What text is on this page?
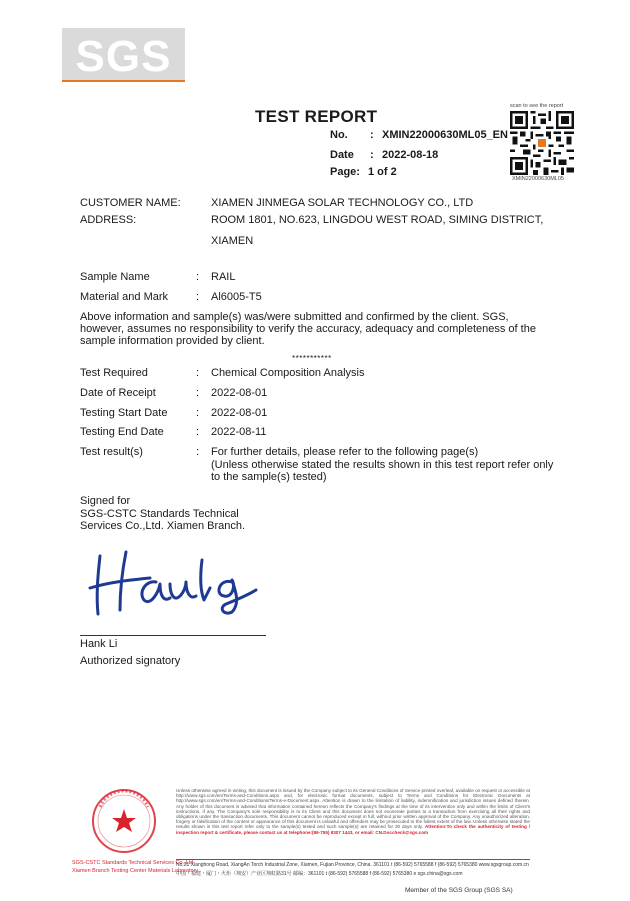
SGS
TEST REPORT
No.	: XMIN22000630ML05_EN
Date	: 2022-08-18
Page: 1 of 2
scan to see the report
XMIN22000630ML05
CUSTOMER NAME:	XIAMEN JINMEGA SOLAR TECHNOLOGY CO., LTD
ADDRESS:	ROOM 1801, NO.623, LINGDOU WEST ROAD, SIMING DISTRICT,
XIAMEN
Sample Name	: RAIL
Material and Mark	: Al6005-T5
Above information and sample(s) was/were submitted and confirmed by the client. SGS, however, assumes no responsibility to verify the accuracy, adequacy and completeness of the sample information provided by client.
***********
Test Required	: Chemical Composition Analysis
Date of Receipt	: 2022-08-01
Testing Start Date	: 2022-08-01
Testing End Date	: 2022-08-11
Test result(s)	: For further details, please refer to the following page(s)
(Unless otherwise stated the results shown in this test report refer only
to the sample(s) tested)
Signed for
SGS-CSTC Standards Technical
Services Co.,Ltd. Xiamen Branch.
Hank Li
Authorized signatory
SGS-CSTC Standards Technical Services Co.,Ltd
Xiamen Branch Testing Center Materials Laboratory
Unless otherwise agreed in writing, this document is issued by the Company subject to its General Conditions of Service printed overleaf, available on request or accessible at http://www.sgs.com/en/Terms-and-Conditions.aspx and, for electronic format documents, subject to Terms and Conditions for Electronic Documents at http://www.sgs.com/en/Terms-and-Conditions/Terms-e-Document.aspx. Attention is drawn to the limitation of liability, indemnification and jurisdiction issues defined therein. Any holder of this document is advised that information contained hereon reflects the Company's findings at the time of its intervention only and within the limits of Client's instructions, if any. The Company's sole responsibility is to its Client and this document does not exonerate parties to a transaction from exercising all their rights and obligations under the transaction documents. This document cannot be reproduced except in full, without prior written approval of the Company. Any unauthorized alteration, forgery or falsification of the content or appearance of this document is unlawful and offenders may be prosecuted to the fullest extent of the law. Unless otherwise stated the results shown in this test report refer only to the sample(s) tested and such sample(s) are retained for 30 days only. Attention:To check the authenticity of testing / inspection report & certificate, please contact us at telephone:(86-755) 8307 1443, or email: CN.Doccheck@sgs.com
No.31 Xianghong Road, XiangAn Torch Industrial Zone, Xiamen, Fujian Province, China. 361101 t (86-592) 5765588 f (86-592) 5765380 www.sgsgroup.com.cn
中国・福建・厦门・火炬（翔安）产业区翔虹路31号 邮编：361101 t (86-592) 5765588 f (86-592) 5765380 e sgs.china@sgs.com
Member of the SGS Group (SGS SA)
